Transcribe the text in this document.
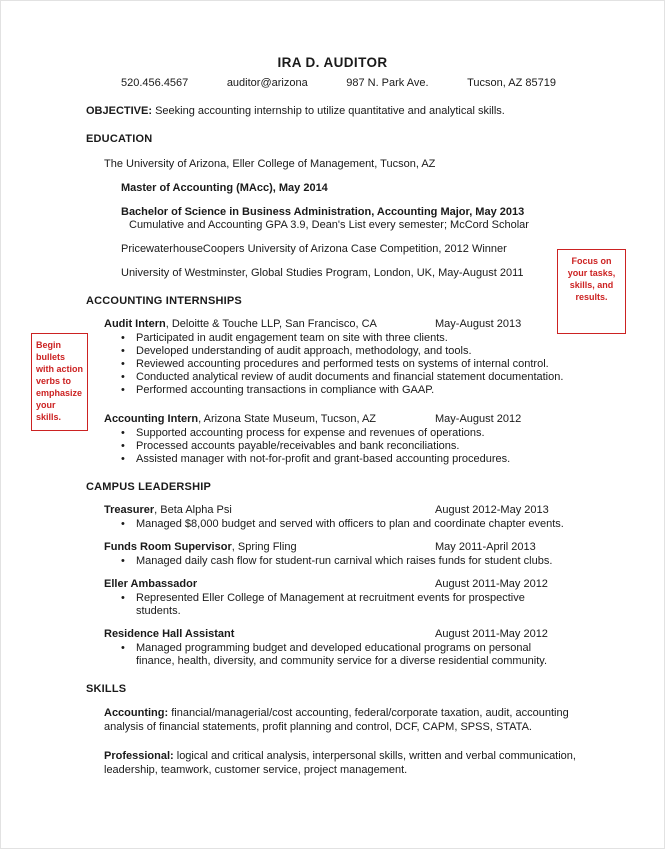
IRA D. AUDITOR
520.456.4567	auditor@arizona	987 N. Park Ave.	Tucson, AZ 85719

OBJECTIVE: Seeking accounting internship to utilize quantitative and analytical skills.

EDUCATION

The University of Arizona, Eller College of Management, Tucson, AZ

Master of Accounting (MAcc), May 2014

Bachelor of Science in Business Administration, Accounting Major, May 2013

Cumulative and Accounting GPA 3.9, Dean's List every semester; McCord Scholar

PricewaterhouseCoopers University of Arizona Case Competition, 2012 Winner

University of Westminster, Global Studies Program, London, UK, May-August 2011

ACCOUNTING INTERNSHIPS
Audit Intern, Deloitte & Touche LLP, San Francisco, CA	May-August 2013
• Participated in audit engagement team on site with three clients.
• Developed understanding of audit approach, methodology, and tools.
• Reviewed accounting procedures and performed tests on systems of internal control.
• Conducted analytical review of audit documents and financial statement documentation.
• Performed accounting transactions in compliance with GAAP.
Accounting Intern, Arizona State Museum, Tucson, AZ	May-August 2012
• Supported accounting process for expense and revenues of operations.
• Processed accounts payable/receivables and bank reconciliations.
• Assisted manager with not-for-profit and grant-based accounting procedures.
CAMPUS LEADERSHIP
Treasurer, Beta Alpha Psi	August 2012-May 2013
• Managed $8,000 budget and served with officers to plan and coordinate chapter events.
Funds Room Supervisor, Spring Fling	May 2011-April 2013
• Managed daily cash flow for student-run carnival which raises funds for student clubs.
Eller Ambassador	August 2011-May 2012
• Represented Eller College of Management at recruitment events for prospective students.
Residence Hall Assistant	August 2011-May 2012
• Managed programming budget and developed educational programs on personal finance, health, diversity, and community service for a diverse residential community.
SKILLS

Accounting: financial/managerial/cost accounting, federal/corporate taxation, audit, accounting analysis of financial statements, profit planning and control, DCF, CAPM, SPSS, STATA.

Professional: logical and critical analysis, interpersonal skills, written and verbal communication, leadership, teamwork, customer service, project management.

Focus on your tasks, skills, and results.
Begin bullets with action verbs to emphasize your skills.
